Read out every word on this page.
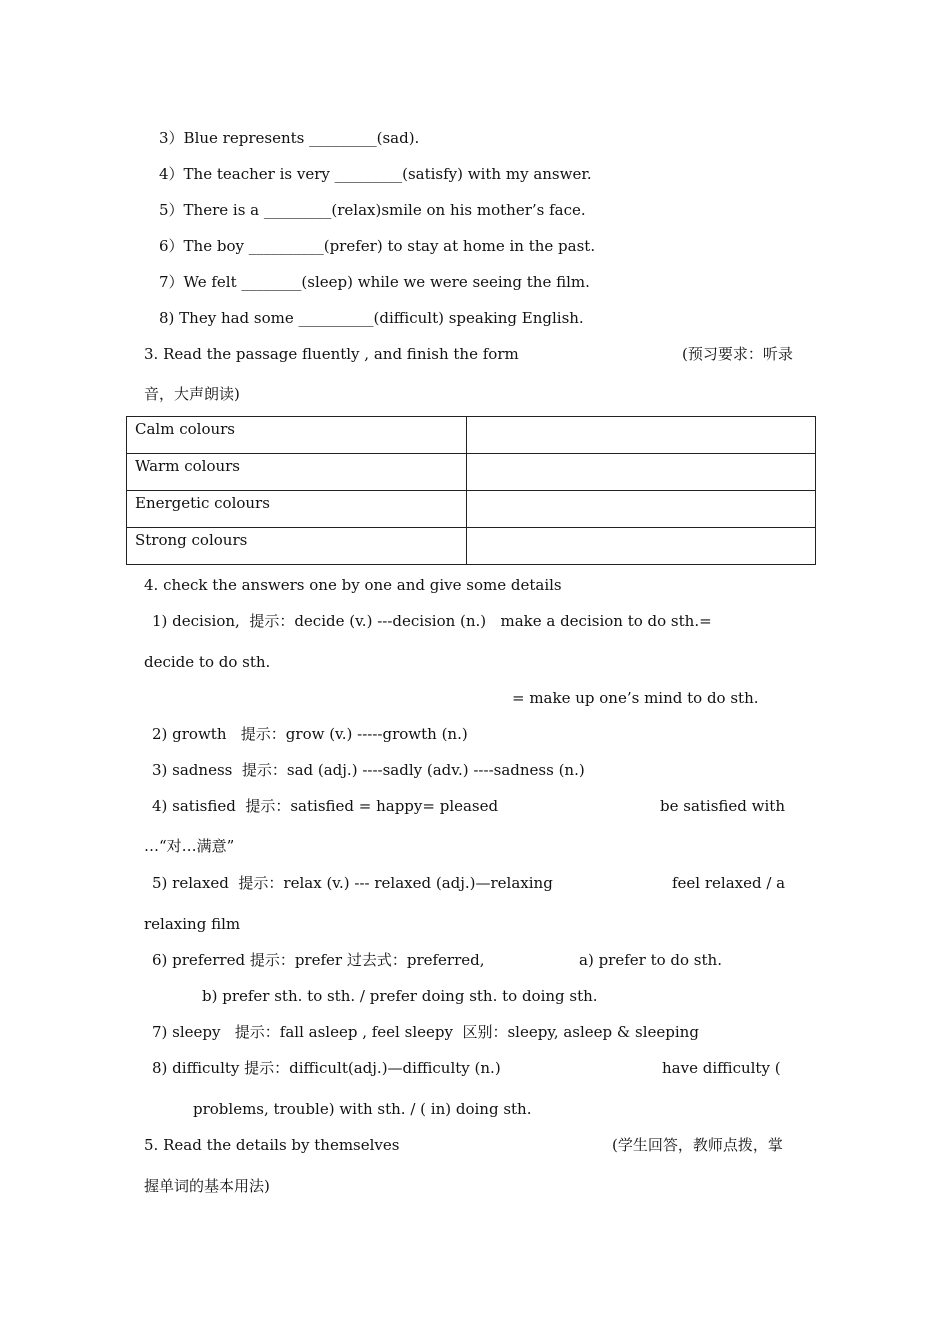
3）Blue represents _________(sad).
4）The teacher is very _________(satisfy) with my answer.
5）There is a _________(relax)smile on his mother’s face.
6）The boy __________(prefer) to stay at home in the past.
7）We felt ________(sleep) while we were seeing the film.
8) They had some __________(difficult) speaking English.
3. Read the passage fluently , and finish the form	(预习要求：听录
音，大声朗读)
Calm colours	
Warm colours	
Energetic colours	
Strong colours	
4. check the answers one by one and give some details
1) decision,  提示：decide (v.) ---decision (n.)   make a decision to do sth.=
decide to do sth.
= make up one’s mind to do sth.
2) growth   提示：grow (v.) -----growth (n.)
3) sadness  提示：sad (adj.) ----sadly (adv.) ----sadness (n.)
4) satisfied  提示：satisfied = happy= pleased	be satisfied with
…“对…满意”
5) relaxed  提示：relax (v.) --- relaxed (adj.)—relaxing	feel relaxed / a
relaxing film
6) preferred 提示：prefer 过去式：preferred,	a) prefer to do sth.
b) prefer sth. to sth. / prefer doing sth. to doing sth.
7) sleepy   提示：fall asleep , feel sleepy  区别：sleepy, asleep & sleeping
8) difficulty 提示：difficult(adj.)—difficulty (n.)	have difficulty (
problems, trouble) with sth. / ( in) doing sth.
5. Read the details by themselves	(学生回答，教师点拨，掌
握单词的基本用法)
